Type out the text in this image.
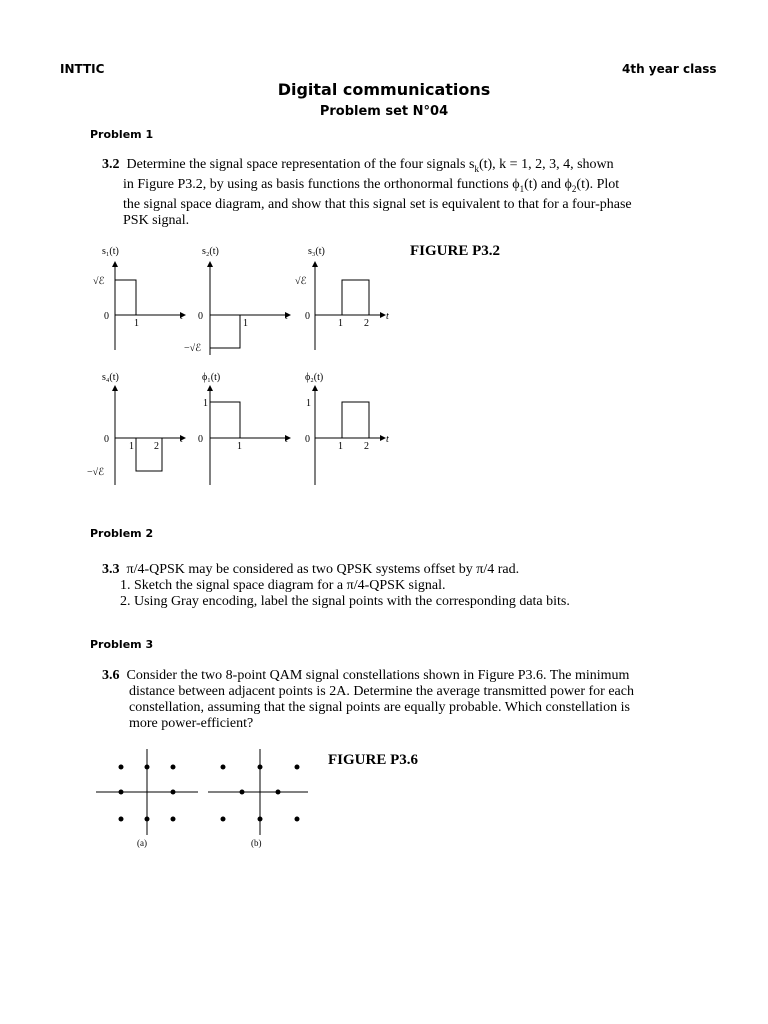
INTTIC	4th year class
Digital communications
Problem set N°04
Problem 1
3.2 Determine the signal space representation of the four signals $s_k(t)$, k = 1, 2, 3, 4, shown
in Figure P3.2, by using as basis functions the orthonormal functions $\phi_1(t)$ and $\phi_2(t)$. Plot
the signal space diagram, and show that this signal set is equivalent to that for a four-phase
PSK signal.
FIGURE P3.2
s₁(t)
√ℰ
0
1
t
s₂(t)
0
1
−√ℰ
t
s₃(t)
√ℰ
0
1 2
t
s₄(t)
0
1 2
−√ℰ
t
ϕ₁(t)
1
0
1
t
ϕ₂(t)
1
0
1 2
t
Problem 2
3.3 π/4-QPSK may be considered as two QPSK systems offset by π/4 rad.
1. Sketch the signal space diagram for a π/4-QPSK signal.
2. Using Gray encoding, label the signal points with the corresponding data bits.
Problem 3
3.6 Consider the two 8-point QAM signal constellations shown in Figure P3.6. The minimum
distance between adjacent points is 2A. Determine the average transmitted power for each
constellation, assuming that the signal points are equally probable. Which constellation is
more power-efficient?
FIGURE P3.6
(a)	(b)
